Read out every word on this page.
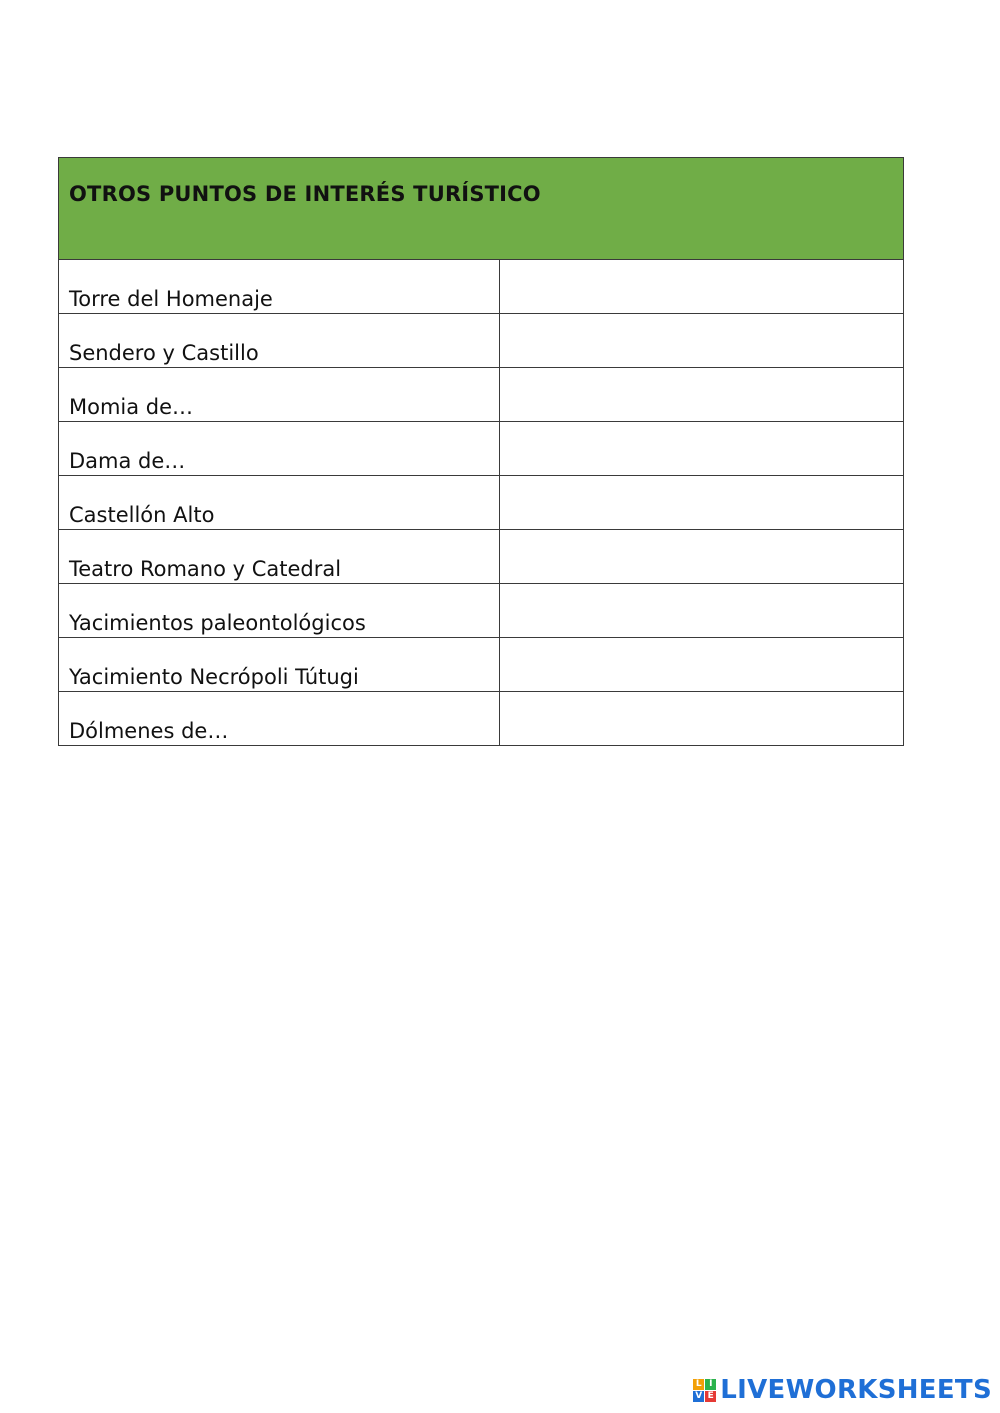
OTROS PUNTOS DE INTERÉS TURÍSTICO	

Torre del Homenaje	

Sendero y Castillo	

Momia de…	

Dama de…	

Castellón Alto	

Teatro Romano y Catedral	

Yacimientos paleontológicos	

Yacimiento Necrópoli Tútugi	

Dólmenes de…	

L I
V E LIVEWORKSHEETS
